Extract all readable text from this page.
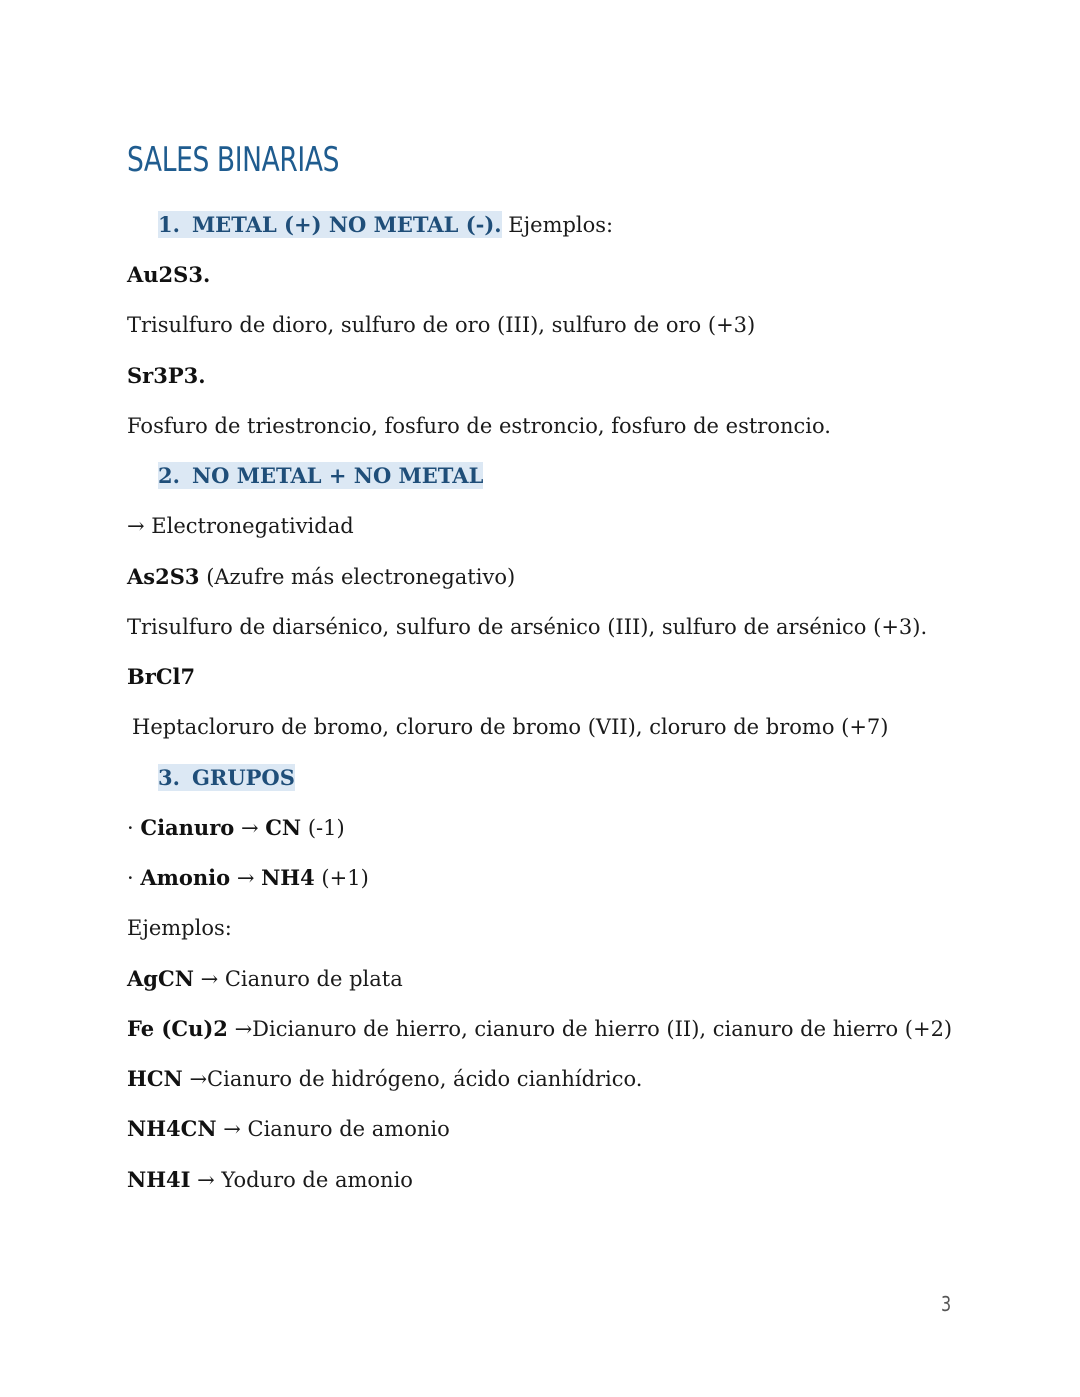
SALES BINARIAS
1. METAL (+) NO METAL (-). Ejemplos:
Au2S3.
Trisulfuro de dioro, sulfuro de oro (III), sulfuro de oro (+3)
Sr3P3.
Fosfuro de triestroncio, fosfuro de estroncio, fosfuro de estroncio.
2. NO METAL + NO METAL
→ Electronegatividad
As2S3 (Azufre más electronegativo)
Trisulfuro de diarsénico, sulfuro de arsénico (III), sulfuro de arsénico (+3).
BrCl7
Heptacloruro de bromo, cloruro de bromo (VII), cloruro de bromo (+7)
3. GRUPOS
· Cianuro → CN (-1)
· Amonio → NH4 (+1)
Ejemplos:
AgCN → Cianuro de plata
Fe (Cu)2 →Dicianuro de hierro, cianuro de hierro (II), cianuro de hierro (+2)
HCN →Cianuro de hidrógeno, ácido cianhídrico.
NH4CN → Cianuro de amonio
NH4I → Yoduro de amonio
3
